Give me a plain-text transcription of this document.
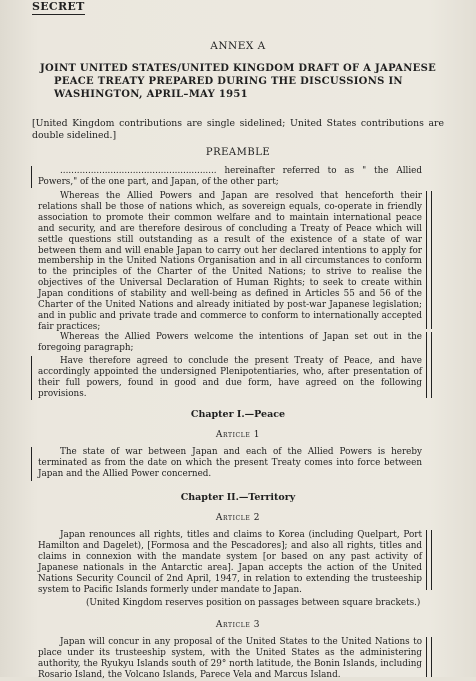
SECRET
ANNEX A
JOINT UNITED STATES/UNITED KINGDOM DRAFT OF A JAPANESE
PEACE TREATY PREPARED DURING THE DISCUSSIONS IN
WASHINGTON, APRIL–MAY 1951
[United Kingdom contributions are single sidelined; United States contributions are double sidelined.]
PREAMBLE
........................................................ hereinafter referred to as " the Allied Powers," of the one part, and Japan, of the other part;
Whereas the Allied Powers and Japan are resolved that henceforth their relations shall be those of nations which, as sovereign equals, co-operate in friendly association to promote their common welfare and to maintain international peace and security, and are therefore desirous of concluding a Treaty of Peace which will settle questions still outstanding as a result of the existence of a state of war between them and will enable Japan to carry out her declared intentions to apply for membership in the United Nations Organisation and in all circumstances to conform to the principles of the Charter of the United Nations; to strive to realise the objectives of the Universal Declaration of Human Rights; to seek to create within Japan conditions of stability and well-being as defined in Articles 55 and 56 of the Charter of the United Nations and already initiated by post-war Japanese legislation; and in public and private trade and commerce to conform to internationally accepted fair practices;
Whereas the Allied Powers welcome the intentions of Japan set out in the foregoing paragraph;
Have therefore agreed to conclude the present Treaty of Peace, and have accordingly appointed the undersigned Plenipotentiaries, who, after presentation of their full powers, found in good and due form, have agreed on the following provisions.
Chapter I.—Peace
Article 1
The state of war between Japan and each of the Allied Powers is hereby terminated as from the date on which the present Treaty comes into force between Japan and the Allied Power concerned.
Chapter II.—Territory
Article 2
Japan renounces all rights, titles and claims to Korea (including Quelpart, Port Hamilton and Dagelet), [Formosa and the Pescadores]; and also all rights, titles and claims in connexion with the mandate system [or based on any past activity of Japanese nationals in the Antarctic area]. Japan accepts the action of the United Nations Security Council of 2nd April, 1947, in relation to extending the trusteeship system to Pacific Islands formerly under mandate to Japan.
(United Kingdom reserves position on passages between square brackets.)
Article 3
Japan will concur in any proposal of the United States to the United Nations to place under its trusteeship system, with the United States as the administering authority, the Ryukyu Islands south of 29° north latitude, the Bonin Islands, including Rosario Island, the Volcano Islands, Parece Vela and Marcus Island.
